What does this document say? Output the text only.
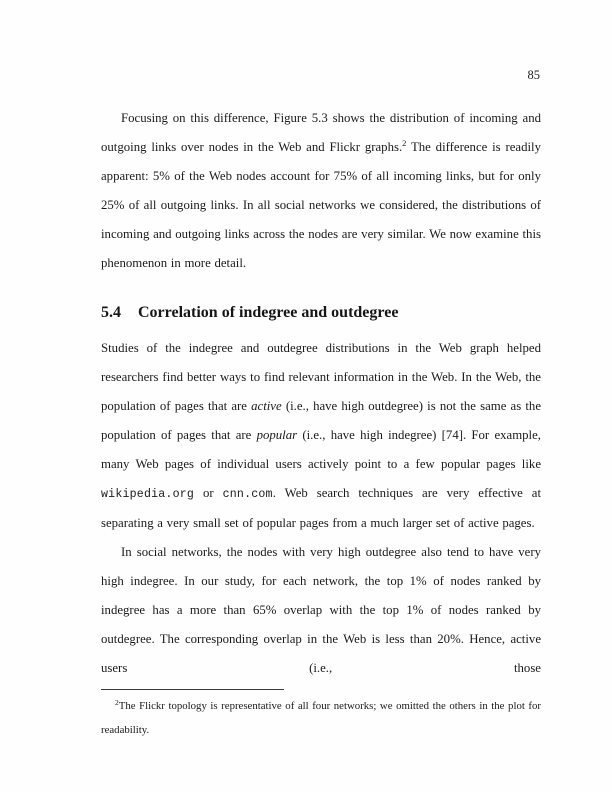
85

Focusing on this difference, Figure 5.3 shows the distribution of incoming and outgoing links over nodes in the Web and Flickr graphs.$^2$ The difference is readily apparent: 5% of the Web nodes account for 75% of all incoming links, but for only 25% of all outgoing links. In all social networks we considered, the distributions of incoming and outgoing links across the nodes are very similar. We now examine this phenomenon in more detail.

5.4 Correlation of indegree and outdegree

Studies of the indegree and outdegree distributions in the Web graph helped researchers find better ways to find relevant information in the Web. In the Web, the population of pages that are active (i.e., have high outdegree) is not the same as the population of pages that are popular (i.e., have high indegree) [74]. For example, many Web pages of individual users actively point to a few popular pages like wikipedia.org or cnn.com. Web search techniques are very effective at separating a very small set of popular pages from a much larger set of active pages.

In social networks, the nodes with very high outdegree also tend to have very high indegree. In our study, for each network, the top 1% of nodes ranked by indegree has a more than 65% overlap with the top 1% of nodes ranked by outdegree. The corresponding overlap in the Web is less than 20%. Hence, active users (i.e., those

$^2$The Flickr topology is representative of all four networks; we omitted the others in the plot for readability.
